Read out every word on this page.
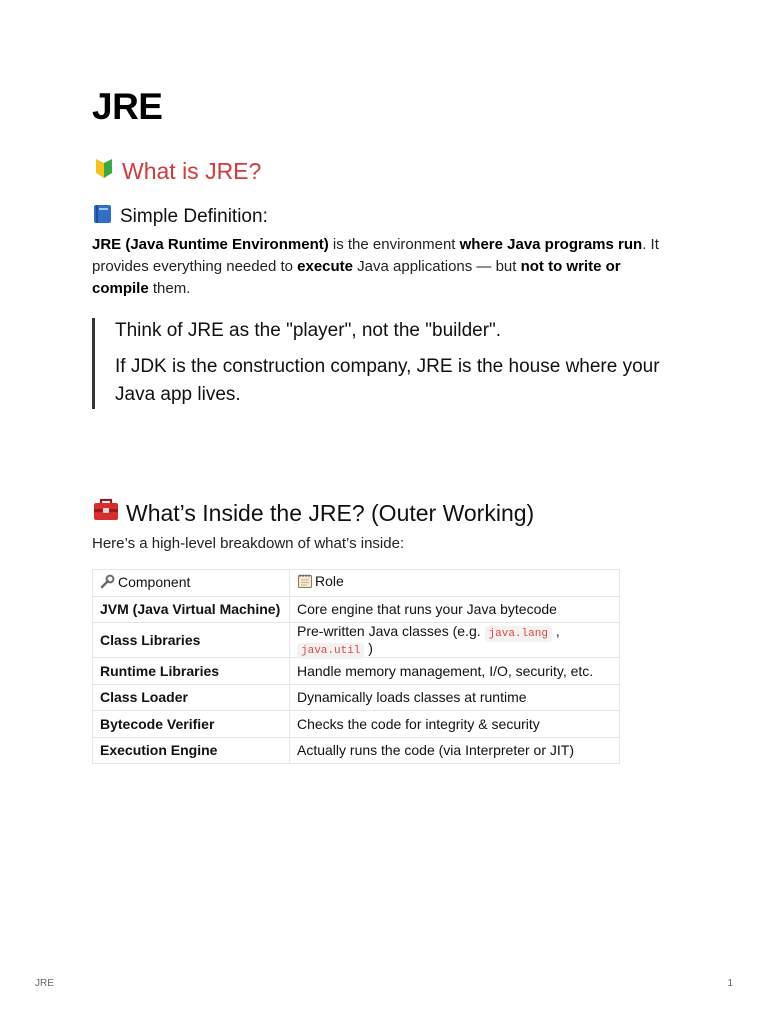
JRE
What is JRE?
Simple Definition:
JRE (Java Runtime Environment) is the environment where Java programs run. It provides everything needed to execute Java applications — but not to write or compile them.

Think of JRE as the "player", not the "builder".

If JDK is the construction company, JRE is the house where your Java app lives.

What’s Inside the JRE? (Outer Working)
Here’s a high-level breakdown of what’s inside:
Component	Role
JVM (Java Virtual Machine)	Core engine that runs your Java bytecode
Class Libraries	Pre-written Java classes (e.g. java.lang , java.util )
Runtime Libraries	Handle memory management, I/O, security, etc.
Class Loader	Dynamically loads classes at runtime
Bytecode Verifier	Checks the code for integrity & security
Execution Engine	Actually runs the code (via Interpreter or JIT)
JRE	1
